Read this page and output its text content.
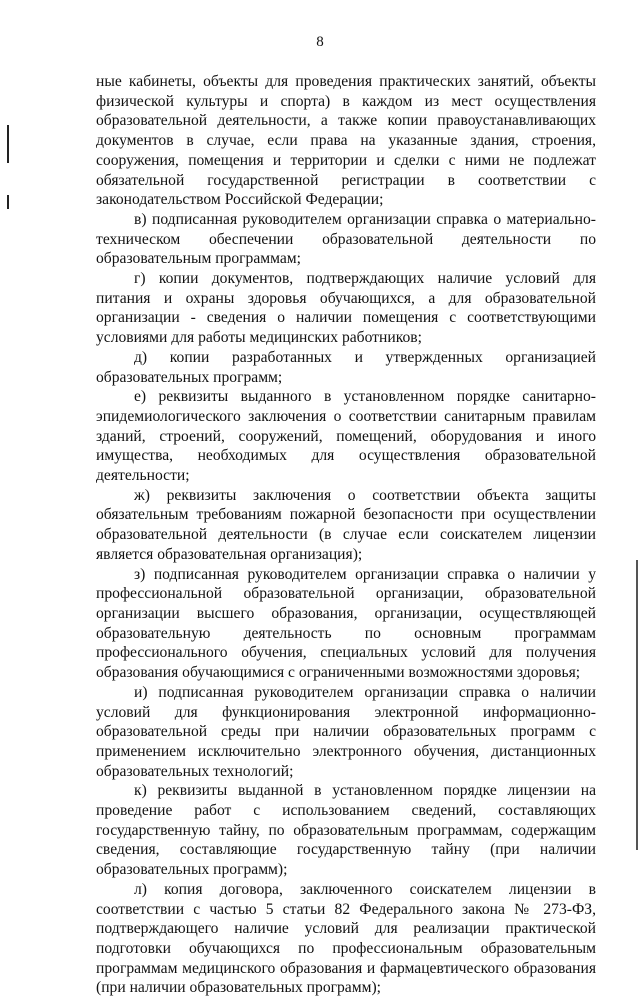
8

ные кабинеты, объекты для проведения практических занятий, объекты физической культуры и спорта) в каждом из мест осуществления образовательной деятельности, а также копии правоустанавливающих документов в случае, если права на указанные здания, строения, сооружения, помещения и территории и сделки с ними не подлежат обязательной государственной регистрации в соответствии с законодательством Российской Федерации;

в) подписанная руководителем организации справка о материально-техническом обеспечении образовательной деятельности по образовательным программам;

г) копии документов, подтверждающих наличие условий для питания и охраны здоровья обучающихся, а для образовательной организации - сведения о наличии помещения с соответствующими условиями для работы медицинских работников;

д) копии разработанных и утвержденных организацией образовательных программ;

е) реквизиты выданного в установленном порядке санитарно-эпидемиологического заключения о соответствии санитарным правилам зданий, строений, сооружений, помещений, оборудования и иного имущества, необходимых для осуществления образовательной деятельности;

ж) реквизиты заключения о соответствии объекта защиты обязательным требованиям пожарной безопасности при осуществлении образовательной деятельности (в случае если соискателем лицензии является образовательная организация);

з) подписанная руководителем организации справка о наличии у профессиональной образовательной организации, образовательной организации высшего образования, организации, осуществляющей образовательную деятельность по основным программам профессионального обучения, специальных условий для получения образования обучающимися с ограниченными возможностями здоровья;

и) подписанная руководителем организации справка о наличии условий для функционирования электронной информационно-образовательной среды при наличии образовательных программ с применением исключительно электронного обучения, дистанционных образовательных технологий;

к) реквизиты выданной в установленном порядке лицензии на проведение работ с использованием сведений, составляющих государственную тайну, по образовательным программам, содержащим сведения, составляющие государственную тайну (при наличии образовательных программ);

л) копия договора, заключенного соискателем лицензии в соответствии с частью 5 статьи 82 Федерального закона № 273-ФЗ, подтверждающего наличие условий для реализации практической подготовки обучающихся по профессиональным образовательным программам медицинского образования и фармацевтического образования (при наличии образовательных программ);
